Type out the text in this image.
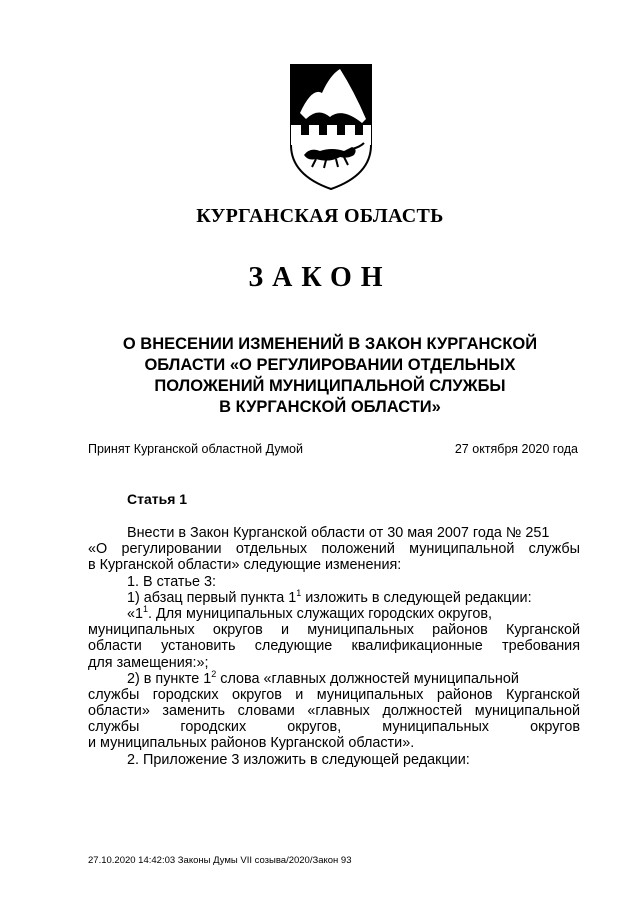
КУРГАНСКАЯ ОБЛАСТЬ
ЗАКОН
О ВНЕСЕНИИ ИЗМЕНЕНИЙ В ЗАКОН КУРГАНСКОЙ
ОБЛАСТИ «О РЕГУЛИРОВАНИИ ОТДЕЛЬНЫХ
ПОЛОЖЕНИЙ МУНИЦИПАЛЬНОЙ СЛУЖБЫ
В КУРГАНСКОЙ ОБЛАСТИ»
Принят Курганской областной Думой	27 октября 2020 года
Статья 1
Внести в Закон Курганской области от 30 мая 2007 года № 251
«О регулировании отдельных положений муниципальной службы
в Курганской области» следующие изменения:
1. В статье 3:
1) абзац первый пункта $1^1$ изложить в следующей редакции:
«$1^1$. Для муниципальных служащих городских округов,
муниципальных округов и муниципальных районов Курганской
области установить следующие квалификационные требования
для замещения:»;
2) в пункте $1^2$ слова «главных должностей муниципальной
службы городских округов и муниципальных районов Курганской
области» заменить словами «главных должностей муниципальной
службы городских округов, муниципальных округов
и муниципальных районов Курганской области».
2. Приложение 3 изложить в следующей редакции:
27.10.2020 14:42:03 Законы Думы VII созыва/2020/Закон 93
